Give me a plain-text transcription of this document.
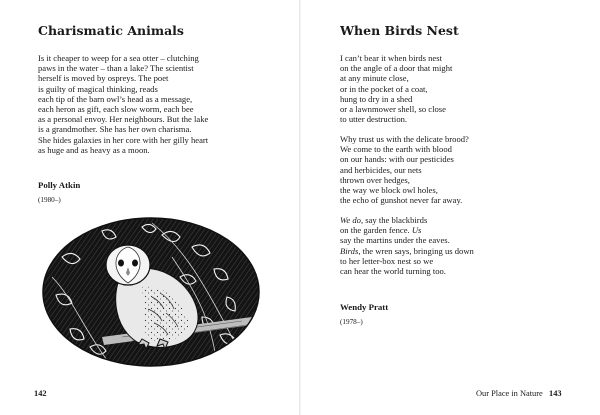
Charismatic Animals

Is it cheaper to weep for a sea otter – clutching
paws in the water – than a lake? The scientist
herself is moved by ospreys. The poet
is guilty of magical thinking, reads
each tip of the barn owl’s head as a message,
each heron as gift, each slow worm, each bee
as a personal envoy. Her neighbours. But the lake
is a grandmother. She has her own charisma.
She hides galaxies in her core with her gilly heart
as huge and as heavy as a moon.

Polly Atkin

(1980–)

142
When Birds Nest

I can’t bear it when birds nest
on the angle of a door that might
at any minute close,
or in the pocket of a coat,
hung to dry in a shed
or a lawnmower shell, so close
to utter destruction.
Why trust us with the delicate brood?
We come to the earth with blood
on our hands: with our pesticides
and herbicides, our nets
thrown over hedges,
the way we block owl holes,
the echo of gunshot never far away.
We do, say the blackbirds
on the garden fence. Us
say the martins under the eaves.
Birds, the wren says, bringing us down
to her letter-box nest so we
can hear the world turning too.

Wendy Pratt

(1978–)

Our Place in Nature 143
